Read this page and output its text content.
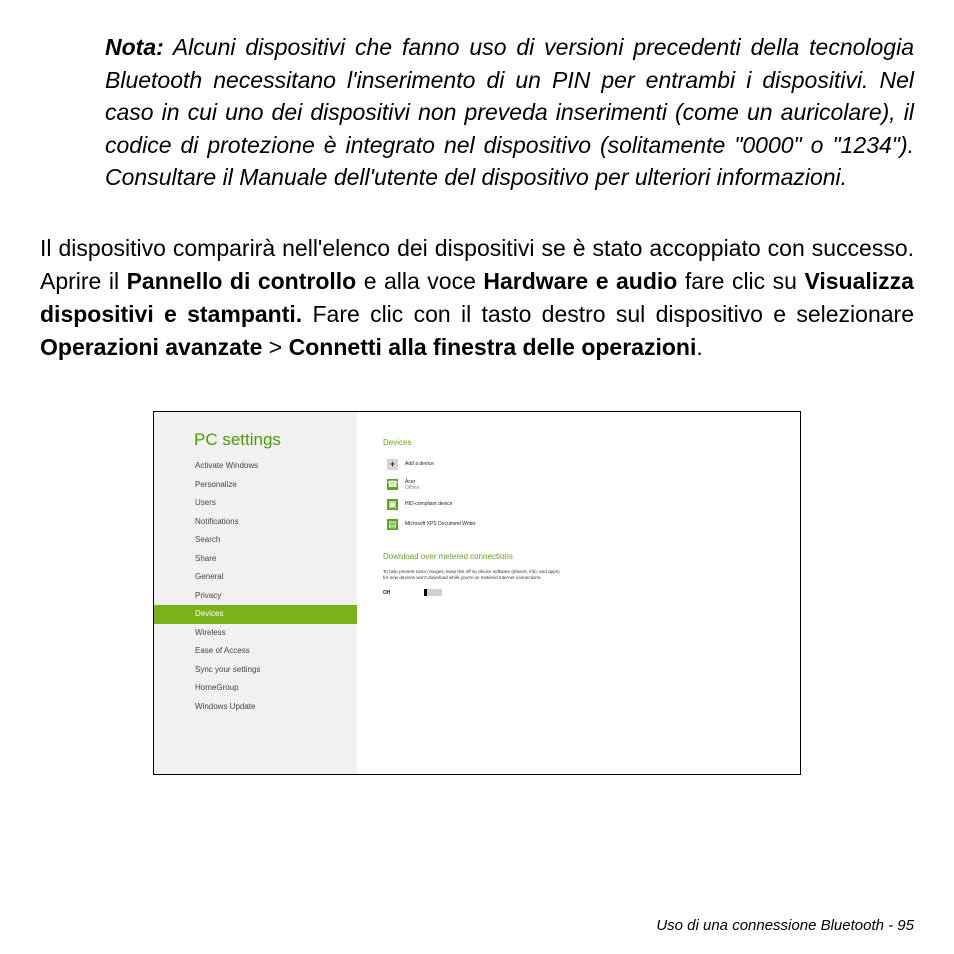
Nota: Alcuni dispositivi che fanno uso di versioni precedenti della tecnologia Bluetooth necessitano l'inserimento di un PIN per entrambi i dispositivi. Nel caso in cui uno dei dispositivi non preveda inserimenti (come un auricolare), il codice di protezione è integrato nel dispositivo (solitamente "0000" o "1234"). Consultare il Manuale dell'utente del dispositivo per ulteriori informazioni.
Il dispositivo comparirà nell'elenco dei dispositivi se è stato accoppiato con successo. Aprire il Pannello di controllo e alla voce Hardware e audio fare clic su Visualizza dispositivi e stampanti. Fare clic con il tasto destro sul dispositivo e selezionare Operazioni avanzate > Connetti alla finestra delle operazioni.
PC settings
Activate Windows
Personalize
Users
Notifications
Search
Share
General
Privacy
Devices
Wireless
Ease of Access
Sync your settings
HomeGroup
Windows Update
Devices
+	Add a device
☎ Acer
Offline
▣ HID-compliant device
▤ Microsoft XPS Document Writer
Download over metered connections
To help prevent extra charges, keep this off so device software (drivers, info, and apps) for new devices won't download while you're on metered Internet connections.
Off
Uso di una connessione Bluetooth - 95
